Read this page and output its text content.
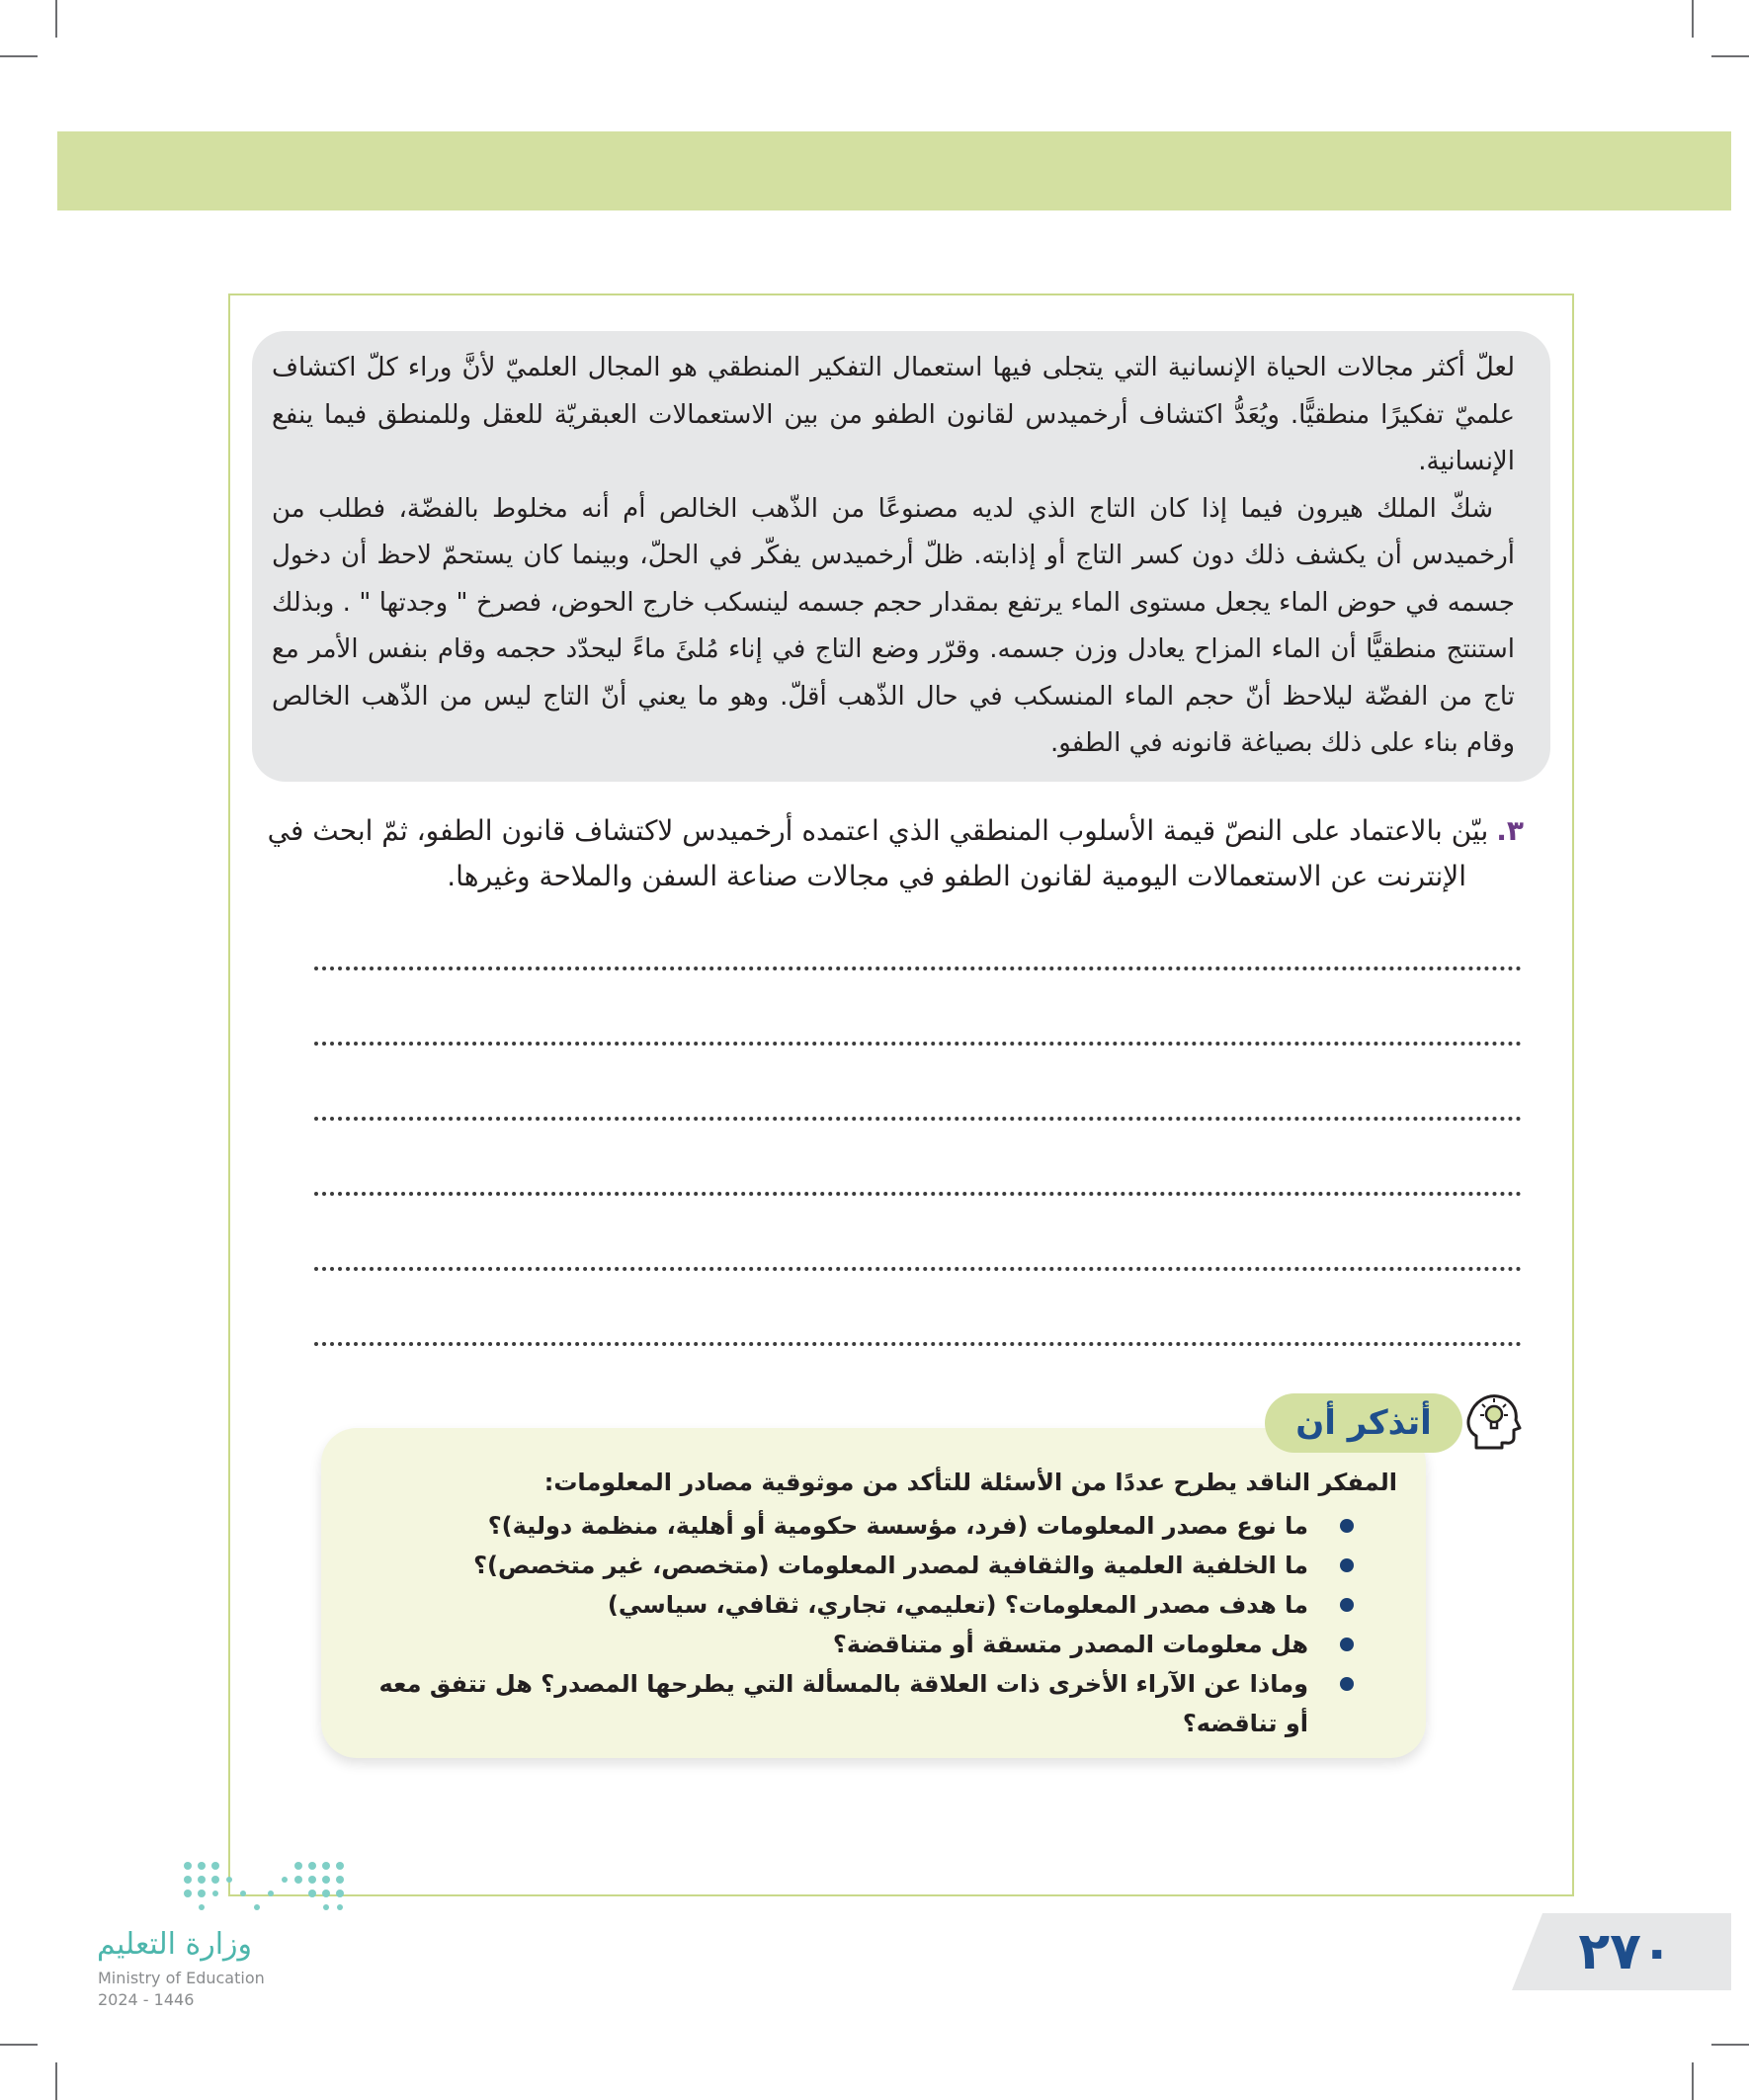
لعلّ أكثر مجالات الحياة الإنسانية التي يتجلى فيها استعمال التفكير المنطقي هو المجال العلميّ لأنَّ وراء كلّ اكتشاف علميّ تفكيرًا منطقيًّا. ويُعَدُّ اكتشاف أرخميدس لقانون الطفو من بين الاستعمالات العبقريّة للعقل وللمنطق فيما ينفع الإنسانية.

شكّ الملك هيرون فيما إذا كان التاج الذي لديه مصنوعًا من الذّهب الخالص أم أنه مخلوط بالفضّة، فطلب من أرخميدس أن يكشف ذلك دون كسر التاج أو إذابته. ظلّ أرخميدس يفكّر في الحلّ، وبينما كان يستحمّ لاحظ أن دخول جسمه في حوض الماء يجعل مستوى الماء يرتفع بمقدار حجم جسمه لينسكب خارج الحوض، فصرخ " وجدتها " . وبذلك استنتج منطقيًّا أن الماء المزاح يعادل وزن جسمه. وقرّر وضع التاج في إناء مُلئَ ماءً ليحدّد حجمه وقام بنفس الأمر مع تاج من الفضّة ليلاحظ أنّ حجم الماء المنسكب في حال الذّهب أقلّ. وهو ما يعني أنّ التاج ليس من الذّهب الخالص وقام بناء على ذلك بصياغة قانونه في الطفو.

٣.بيّن بالاعتماد على النصّ قيمة الأسلوب المنطقي الذي اعتمده أرخميدس لاكتشاف قانون الطفو، ثمّ ابحث في
الإنترنت عن الاستعمالات اليومية لقانون الطفو في مجالات صناعة السفن والملاحة وغيرها.
أتذكر أن
المفكر الناقد يطرح عددًا من الأسئلة للتأكد من موثوقية مصادر المعلومات:
ما نوع مصدر المعلومات (فرد، مؤسسة حكومية أو أهلية، منظمة دولية)؟
ما الخلفية العلمية والثقافية لمصدر المعلومات (متخصص، غير متخصص)؟
ما هدف مصدر المعلومات؟ (تعليمي، تجاري، ثقافي، سياسي)
هل معلومات المصدر متسقة أو متناقضة؟
وماذا عن الآراء الأخرى ذات العلاقة بالمسألة التي يطرحها المصدر؟ هل تتفق معه أو تناقضه؟
٢٧٠
وزارة التعليم
Ministry of Education
2024 - 1446
